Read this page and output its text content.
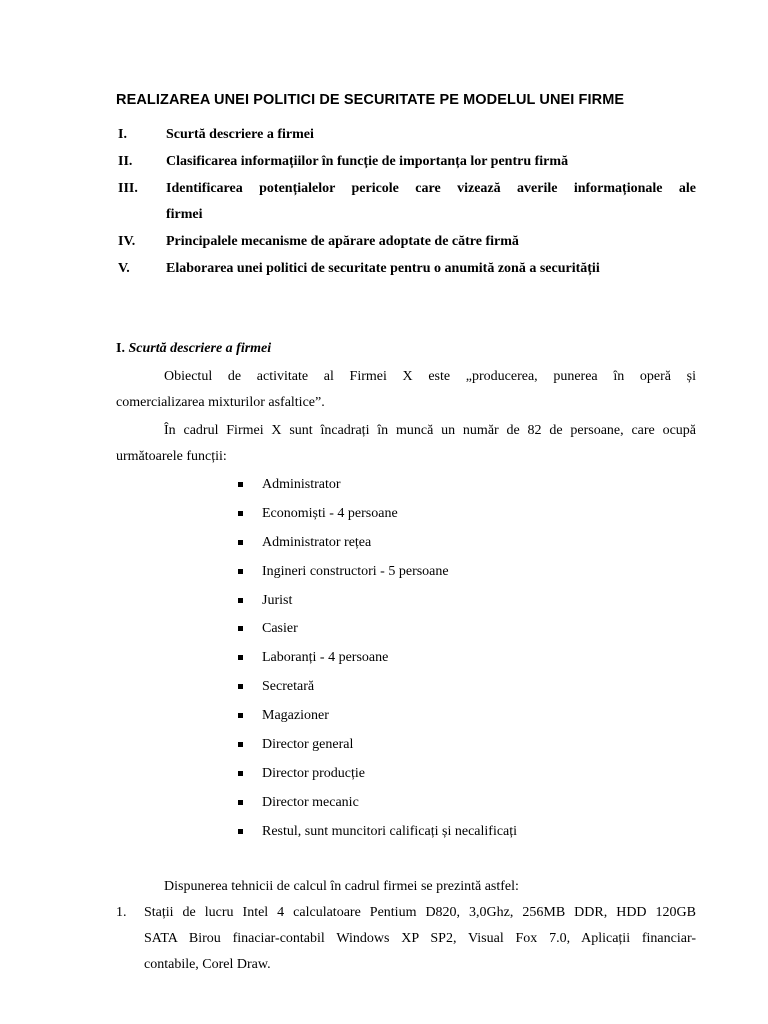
REALIZAREA UNEI POLITICI DE SECURITATE PE MODELUL UNEI FIRME
I.	Scurtă descriere a firmei
II. Clasificarea informațiilor în funcție de importanța lor pentru firmă
III. Identificarea potențialelor pericole care vizează averile informaționale ale
firmei
IV. Principalele mecanisme de apărare adoptate de către firmă
V.	Elaborarea unei politici de securitate pentru o anumită zonă a securității
I. Scurtă descriere a firmei
Obiectul de activitate al Firmei X este „producerea, punerea în operă și
comercializarea mixturilor asfaltice”.
În cadrul Firmei X sunt încadrați în muncă un număr de 82 de persoane, care ocupă
următoarele funcții:
Administrator
Economiști - 4 persoane
Administrator rețea
Ingineri constructori - 5 persoane
Jurist
Casier
Laboranți - 4 persoane
Secretară
Magazioner
Director general
Director producție
Director mecanic
Restul, sunt muncitori calificați și necalificați
Dispunerea tehnicii de calcul în cadrul firmei se prezintă astfel:
1. Stații de lucru Intel 4 calculatoare Pentium D820, 3,0Ghz, 256MB DDR, HDD 120GB
SATA Birou finaciar-contabil Windows XP SP2, Visual Fox 7.0, Aplicații financiar-
contabile, Corel Draw.
